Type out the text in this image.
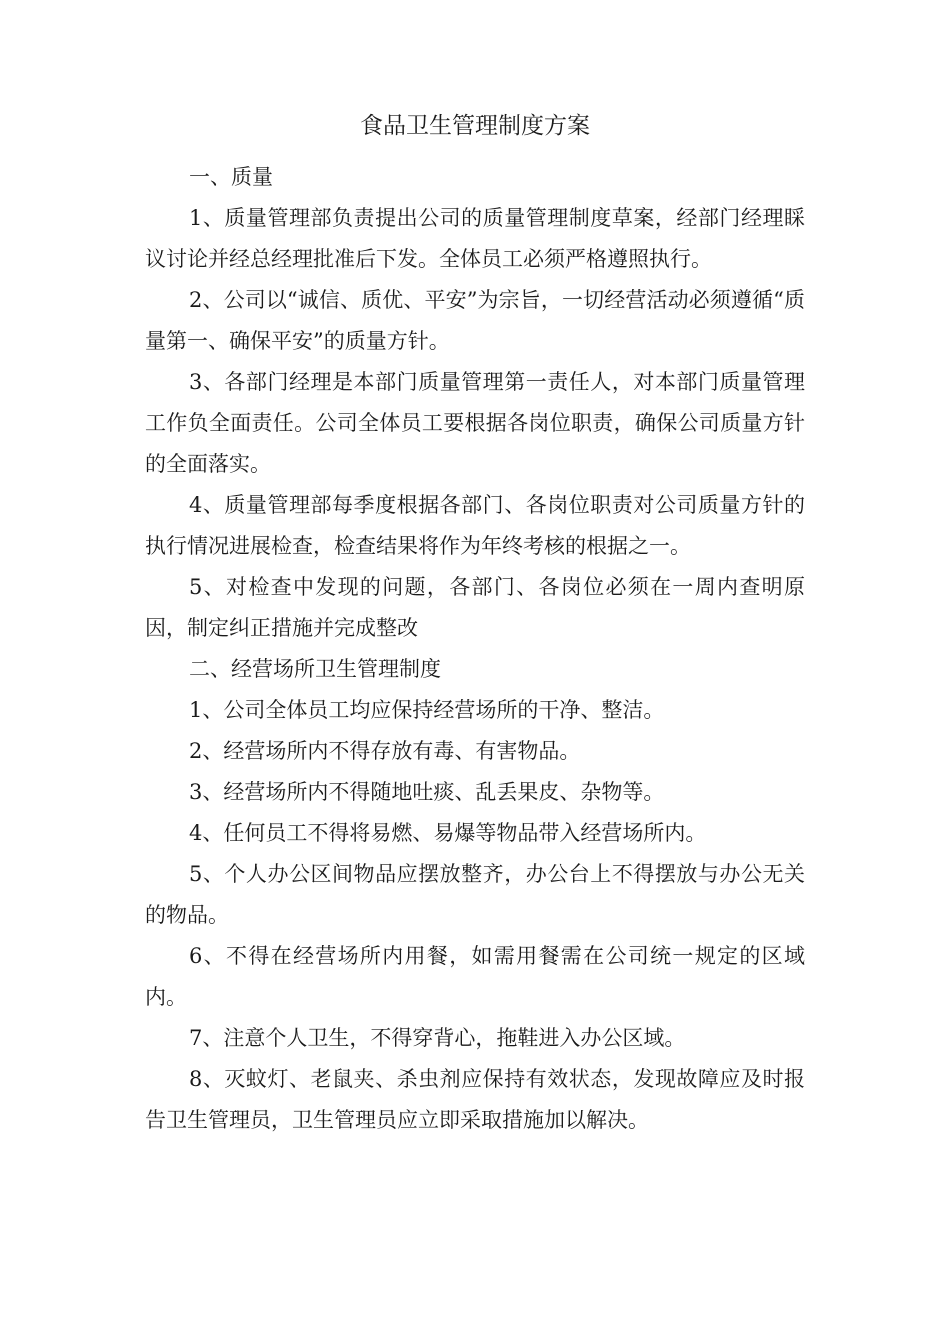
食品卫生管理制度方案

一、质量

1、质量管理部负责提出公司的质量管理制度草案，经部门经理睬议讨论并经总经理批准后下发。全体员工必须严格遵照执行。

2、公司以“诚信、质优、平安”为宗旨，一切经营活动必须遵循“质量第一、确保平安”的质量方针。

3、各部门经理是本部门质量管理第一责任人，对本部门质量管理工作负全面责任。公司全体员工要根据各岗位职责，确保公司质量方针的全面落实。

4、质量管理部每季度根据各部门、各岗位职责对公司质量方针的执行情况进展检查，检查结果将作为年终考核的根据之一。

5、对检查中发现的问题，各部门、各岗位必须在一周内查明原因，制定纠正措施并完成整改

二、经营场所卫生管理制度

1、公司全体员工均应保持经营场所的干净、整洁。

2、经营场所内不得存放有毒、有害物品。

3、经营场所内不得随地吐痰、乱丢果皮、杂物等。

4、任何员工不得将易燃、易爆等物品带入经营场所内。

5、个人办公区间物品应摆放整齐，办公台上不得摆放与办公无关的物品。

6、不得在经营场所内用餐，如需用餐需在公司统一规定的区域内。

7、注意个人卫生，不得穿背心，拖鞋进入办公区域。

8、灭蚊灯、老鼠夹、杀虫剂应保持有效状态，发现故障应及时报告卫生管理员，卫生管理员应立即采取措施加以解决。
